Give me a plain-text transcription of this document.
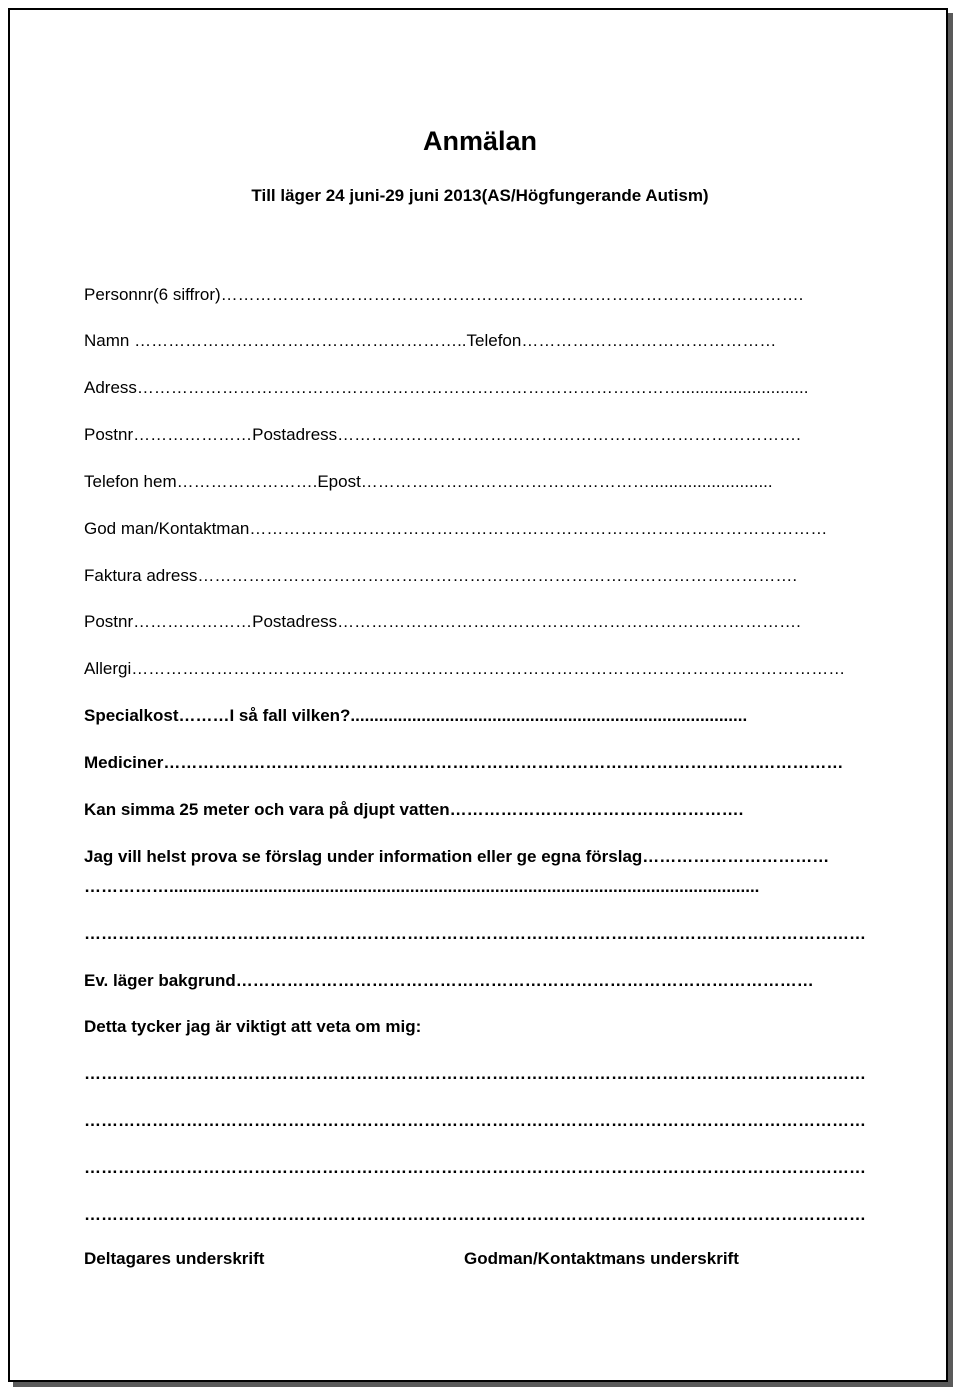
Anmälan
Till läger 24 juni-29 juni 2013(AS/Högfungerande Autism)
Personnr(6 siffror)………………………………………………………………………………………….
Namn …………………………………………………..Telefon………………………………………
Adress……………………………………………………………………………………...........................
Postnr…………………Postadress……………………………………………………………………….
Telefon hem…………………….Epost……………………………………………..........................
God man/Kontaktman…………………………………………………………………………………………
Faktura adress…………………………………………………………………………………………….
Postnr…………………Postadress……………………………………………………………………….
Allergi………………………………………………………………………………………………………………
Specialkost………I så fall vilken?....................................................................................
Mediciner…………………………………………………………………………………………………………
Kan simma 25 meter och vara på djupt vatten…………………………………………….
Jag vill helst prova se förslag under information eller ge egna förslag……………………………
…………….............................................................................................................................
…………………………………………………………………………………………………………………………
Ev. läger bakgrund…………………………………………………………………………………………
Detta tycker jag är viktigt att veta om mig:
…………………………………………………………………………………………………………………………
…………………………………………………………………………………………………………………………
…………………………………………………………………………………………………………………………
…………………………………………………………………………………………………………………………
Deltagares underskrift	Godman/Kontaktmans underskrift
